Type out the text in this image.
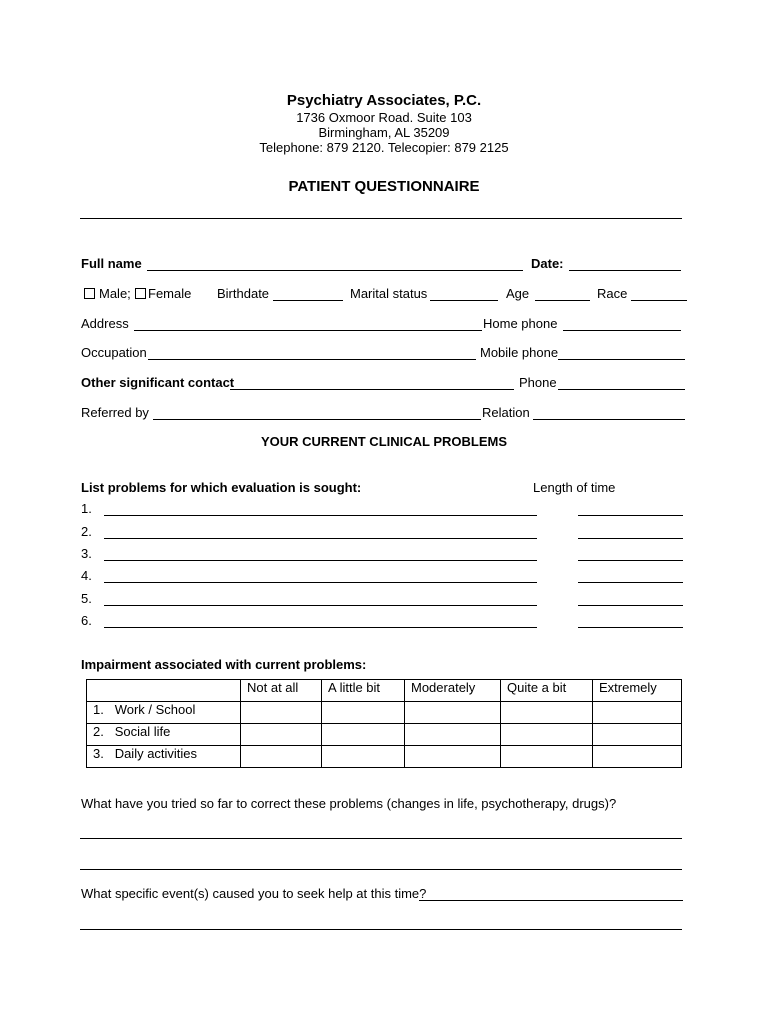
Psychiatry Associates, P.C.
1736 Oxmoor Road. Suite 103
Birmingham, AL 35209
Telephone: 879 2120. Telecopier: 879 2125
PATIENT QUESTIONNAIRE
Full name	Date:
Male; Female Birthdate	Marital status	Age	Race
Address	Home phone
Occupation	Mobile phone
Other significant contact	Phone
Referred by	Relation
YOUR CURRENT CLINICAL PROBLEMS
List problems for which evaluation is sought:	Length of time
1.
2.
3.
4.
5.
6.
Impairment associated with current problems:
	Not at all	A little bit	Moderately	Quite a bit	Extremely
1. Work / School					
2. Social life					
3. Daily activities					
What have you tried so far to correct these problems (changes in life, psychotherapy, drugs)?
What specific event(s) caused you to seek help at this time?
